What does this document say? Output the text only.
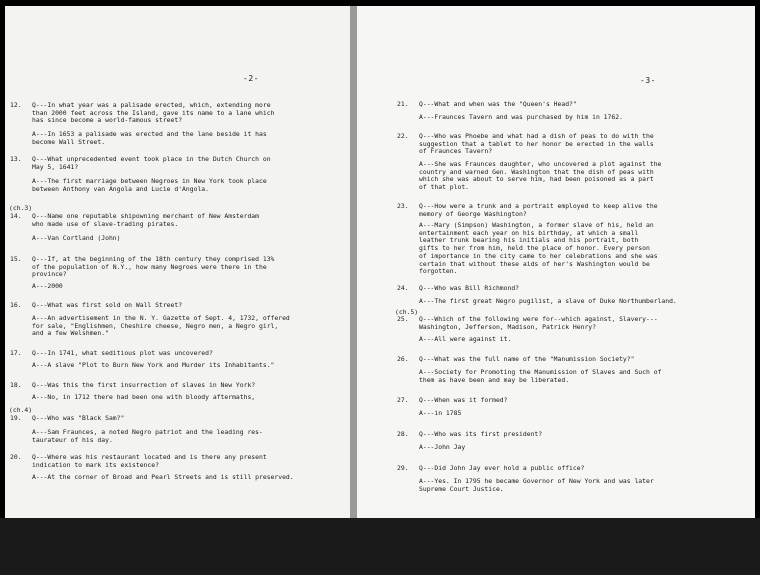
-2-
12. Q---In what year was a palisade erected, which, extending more
than 2000 feet across the Island, gave its name to a lane which
has since become a world-famous street?

A---In 1653 a palisade was erected and the lane beside it has
become Wall Street.

13. Q---What unprecedented event took place in the Dutch Church on
May 5, 1641?

A---The first marriage between Negroes in New York took place
between Anthony van Angola and Lucie d'Angola.

(ch.3)
14. Q---Name one reputable shipowning merchant of New Amsterdam
who made use of slave-trading pirates.

A---Van Cortland (John)

15. Q---If, at the beginning of the 18th century they comprised 13%
of the population of N.Y., how many Negroes were there in the
province?

A---2000

16. Q---What was first sold on Wall Street?

A---An advertisement in the N. Y. Gazette of Sept. 4, 1732, offered
for sale, "Englishmen, Cheshire cheese, Negro men, a Negro girl,
and a few Welshmen."

17. Q---In 1741, what seditious plot was uncovered?

A---A slave "Plot to Burn New York and Murder its Inhabitants."

18. Q---Was this the first insurrection of slaves in New York?

A---No, in 1712 there had been one with bloody aftermaths,

(ch.4)
19. Q---Who was "Black Sam?"

A---Sam Fraunces, a noted Negro patriot and the leading res-
taurateur of his day.

20. Q---Where was his restaurant located and is there any present
indication to mark its existence?

A---At the corner of Broad and Pearl Streets and is still preserved.

-3-
21. Q---What and when was the "Queen's Head?"

A---Fraunces Tavern and was purchased by him in 1762.

22. Q---Who was Phoebe and what had a dish of peas to do with the
suggestion that a tablet to her honor be erected in the walls
of Fraunces Tavern?

A---She was Fraunces daughter, who uncovered a plot against the
country and warned Gen. Washington that the dish of peas with
which she was about to serve him, had been poisoned as a part
of that plot.

23. Q---How were a trunk and a portrait employed to keep alive the
memory of George Washington?

A---Mary (Simpson) Washington, a former slave of his, held an
entertainment each year on his birthday, at which a small
leather trunk bearing his initials and his portrait, both
gifts to her from him, held the place of honor. Every person
of importance in the city came to her celebrations and she was
certain that without these aids of her's Washington would be
forgotten.

24. Q---Who was Bill Richmond?

A---The first great Negro pugilist, a slave of Duke Northumberland.

(ch.5)
25. Q---Which of the following were for--which against, Slavery---
Washington, Jefferson, Madison, Patrick Henry?

A---All were against it.

26. Q---What was the full name of the "Manumission Society?"

A---Society for Promoting the Manumission of Slaves and Such of
them as have been and may be liberated.

27. Q---When was it formed?

A---in 1785

28. Q---Who was its first president?

A---John Jay

29. Q---Did John Jay ever hold a public office?

A---Yes. In 1795 he became Governor of New York and was later
Supreme Court Justice.
